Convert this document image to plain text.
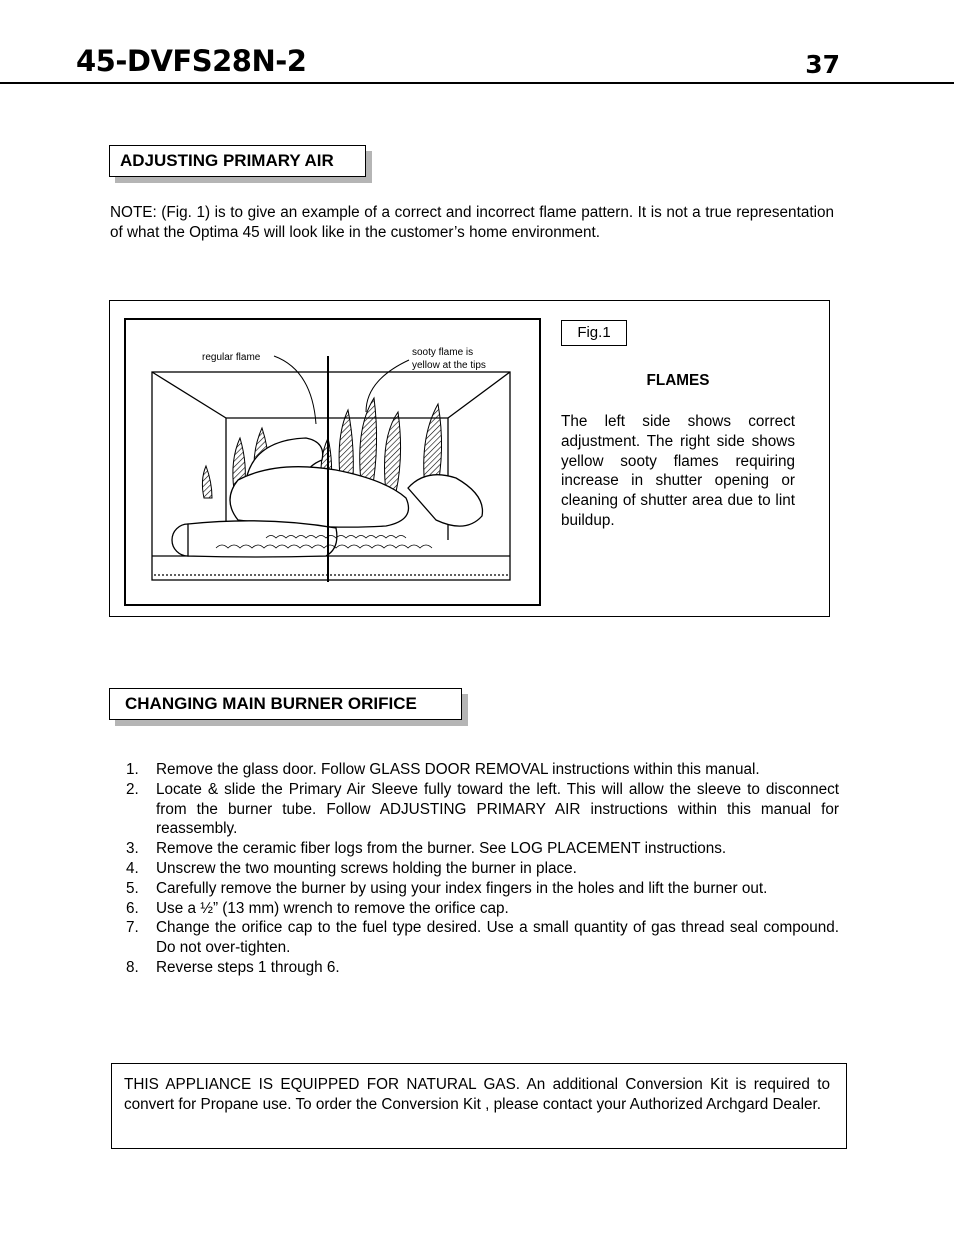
45-DVFS28N-2	37
ADJUSTING PRIMARY AIR
NOTE: (Fig. 1) is to give an example of a correct and incorrect flame pattern. It is not a true representation of what the Optima 45 will look like in the customer’s home environment.
regular flame	sooty flame is
yellow at the tips
Fig.1
FLAMES
The left side shows correct adjustment. The right side shows yellow sooty flames requiring increase in shutter opening or cleaning of shutter area due to lint buildup.
CHANGING MAIN BURNER ORIFICE
1.	Remove the glass door. Follow GLASS DOOR REMOVAL instructions within this manual.
2.	Locate & slide the Primary Air Sleeve fully toward the left. This will allow the sleeve to disconnect from the burner tube. Follow ADJUSTING PRIMARY AIR instructions within this manual for reassembly.
3.	Remove the ceramic fiber logs from the burner. See LOG PLACEMENT instructions.
4.	Unscrew the two mounting screws holding the burner in place.
5.	Carefully remove the burner by using your index fingers in the holes and lift the burner out.
6.	Use a ½” (13 mm) wrench to remove the orifice cap.
7.	Change the orifice cap to the fuel type desired. Use a small quantity of gas thread seal compound. Do not over-tighten.
8.	Reverse steps 1 through 6.
THIS APPLIANCE IS EQUIPPED FOR NATURAL GAS. An additional Conversion Kit is required to convert for Propane use. To order the Conversion Kit , please contact your Authorized Archgard Dealer.
